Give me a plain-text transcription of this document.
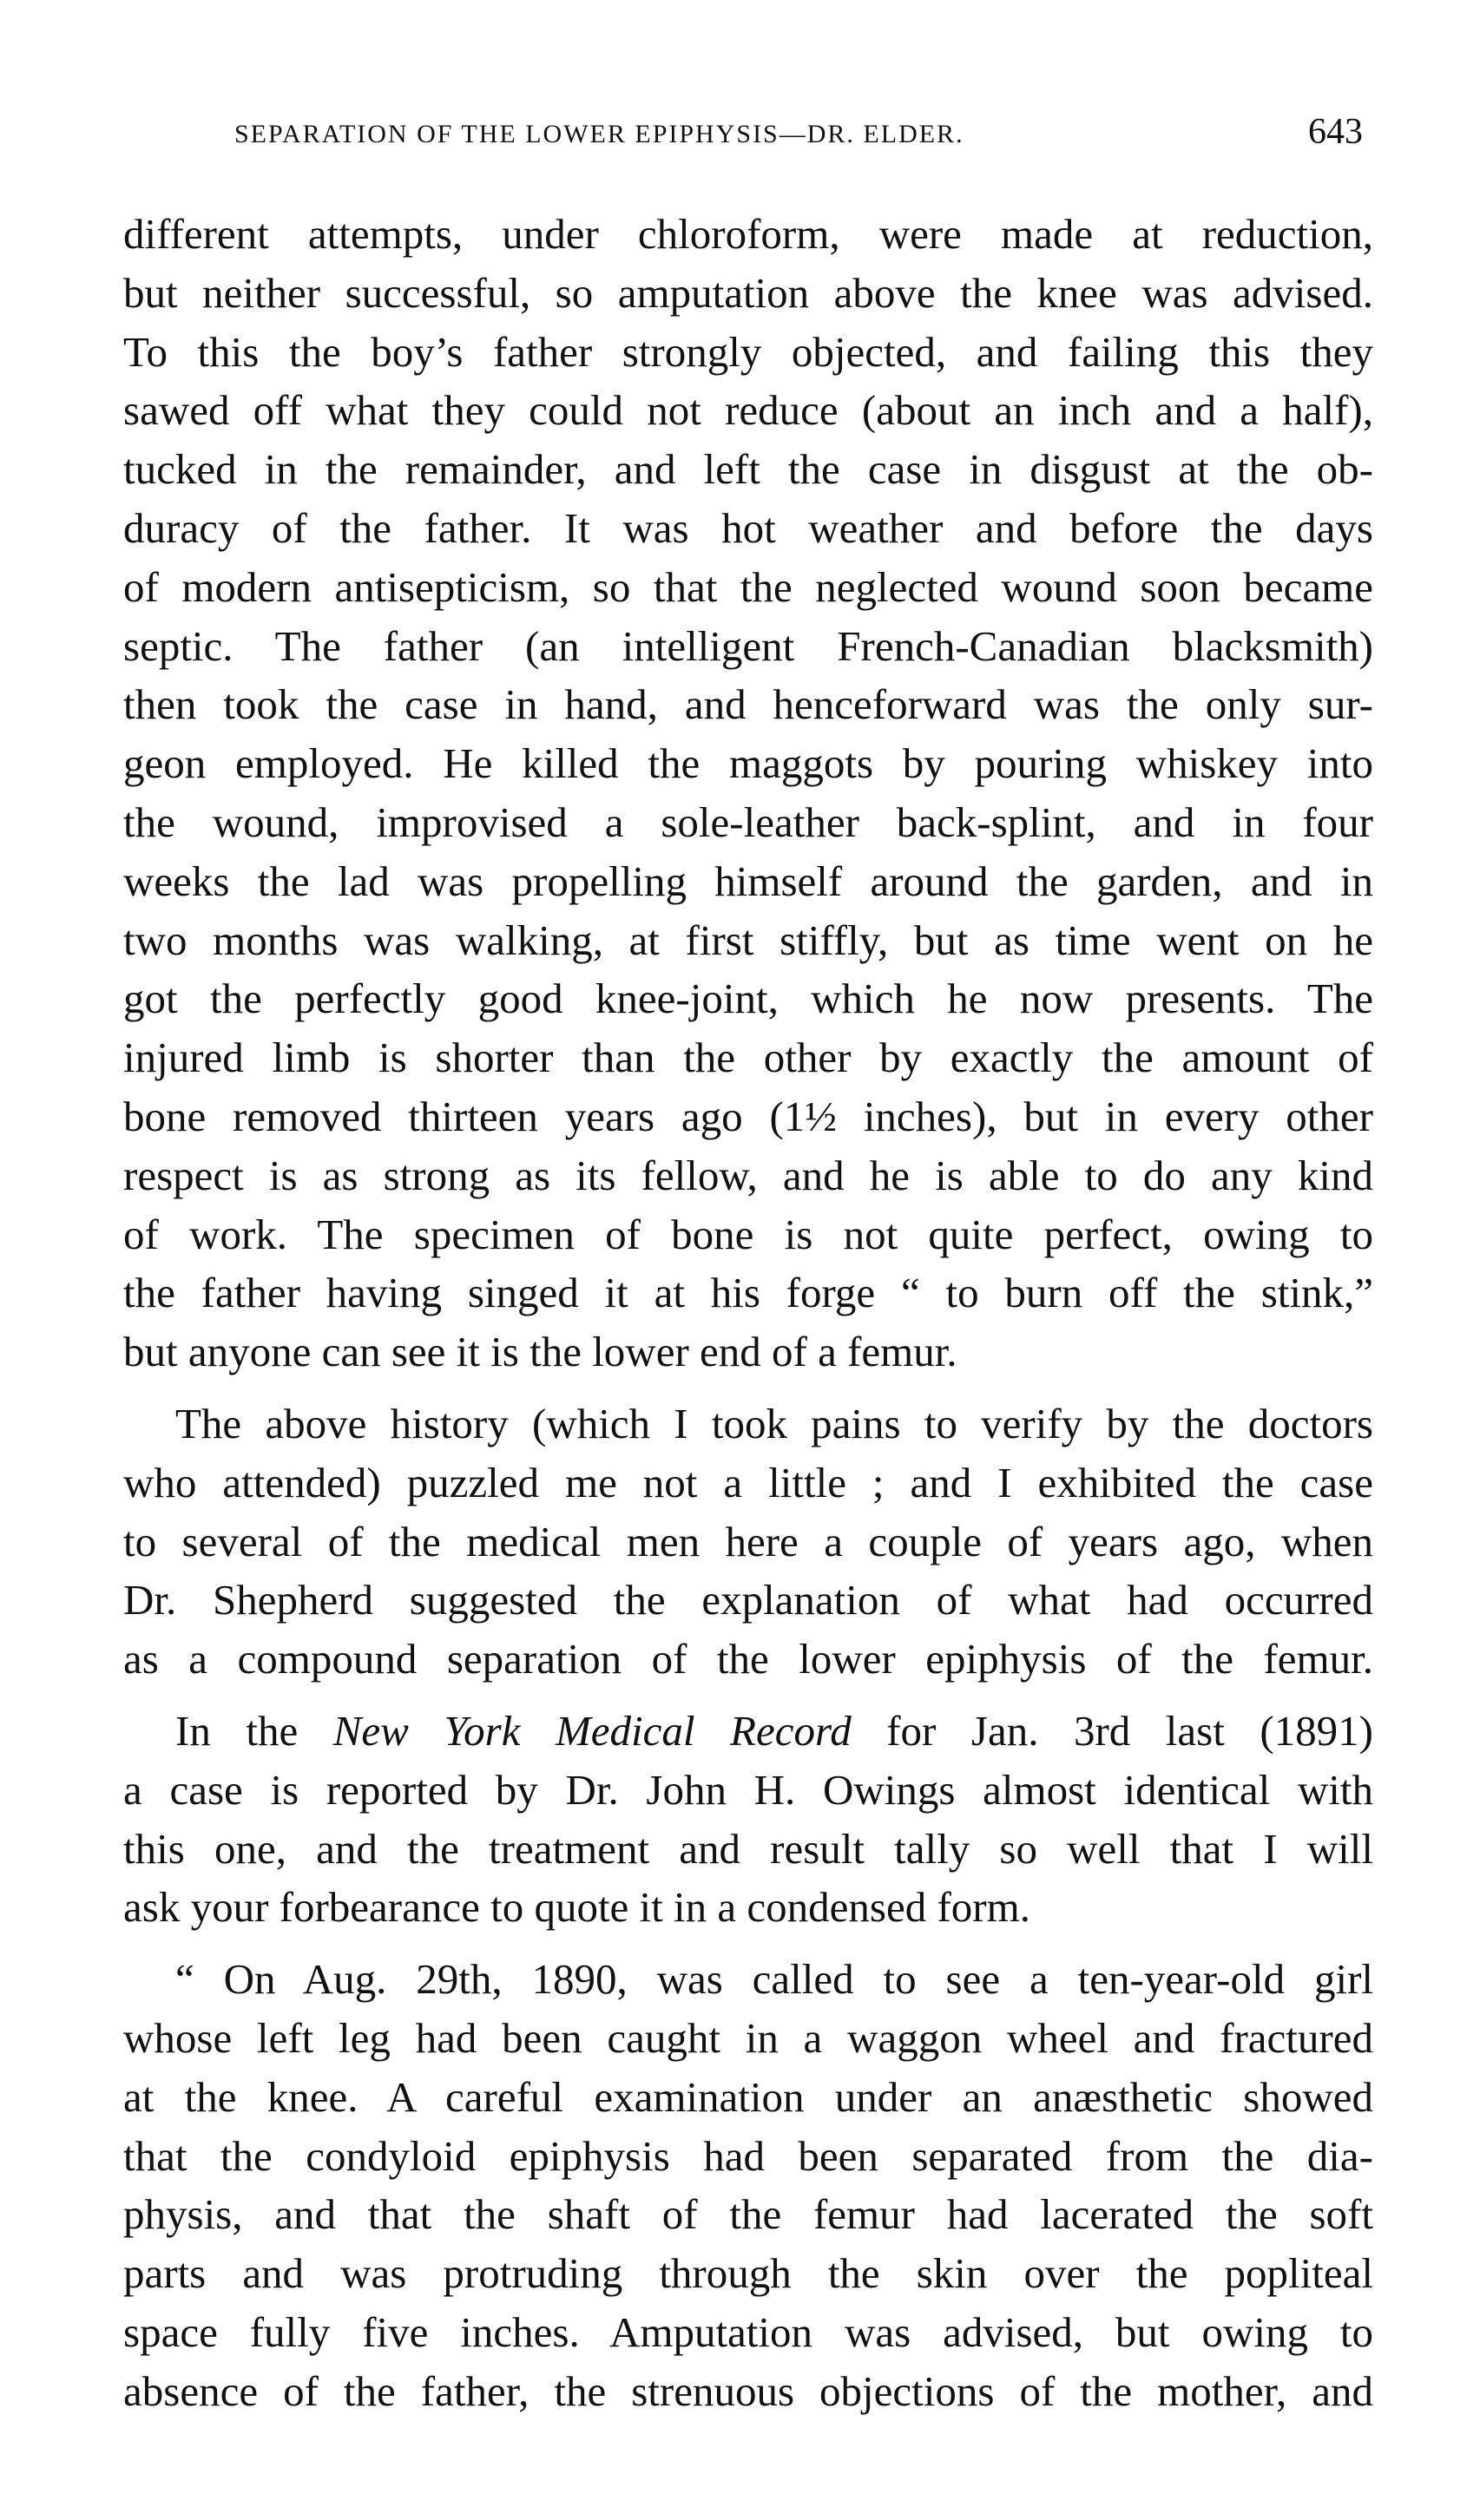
SEPARATION OF THE LOWER EPIPHYSIS—DR. ELDER.	643
different attempts, under chloroform, were made at reduction,
but neither successful, so amputation above the knee was advised.
To this the boy’s father strongly objected, and failing this they
sawed off what they could not reduce (about an inch and a half),
tucked in the remainder, and left the case in disgust at the ob-
duracy of the father. It was hot weather and before the days
of modern antisepticism, so that the neglected wound soon became
septic. The father (an intelligent French-Canadian blacksmith)
then took the case in hand, and henceforward was the only sur-
geon employed. He killed the maggots by pouring whiskey into
the wound, improvised a sole-leather back-splint, and in four
weeks the lad was propelling himself around the garden, and in
two months was walking, at first stiffly, but as time went on he
got the perfectly good knee-joint, which he now presents. The
injured limb is shorter than the other by exactly the amount of
bone removed thirteen years ago (1½ inches), but in every other
respect is as strong as its fellow, and he is able to do any kind
of work. The specimen of bone is not quite perfect, owing to
the father having singed it at his forge “ to burn off the stink,”
but anyone can see it is the lower end of a femur.
The above history (which I took pains to verify by the doctors
who attended) puzzled me not a little ; and I exhibited the case
to several of the medical men here a couple of years ago, when
Dr. Shepherd suggested the explanation of what had occurred
as a compound separation of the lower epiphysis of the femur.
In the New York Medical Record for Jan. 3rd last (1891)
a case is reported by Dr. John H. Owings almost identical with
this one, and the treatment and result tally so well that I will
ask your forbearance to quote it in a condensed form.
“ On Aug. 29th, 1890, was called to see a ten-year-old girl
whose left leg had been caught in a waggon wheel and fractured
at the knee. A careful examination under an anæsthetic showed
that the condyloid epiphysis had been separated from the dia-
physis, and that the shaft of the femur had lacerated the soft
parts and was protruding through the skin over the popliteal
space fully five inches. Amputation was advised, but owing to
absence of the father, the strenuous objections of the mother, and
